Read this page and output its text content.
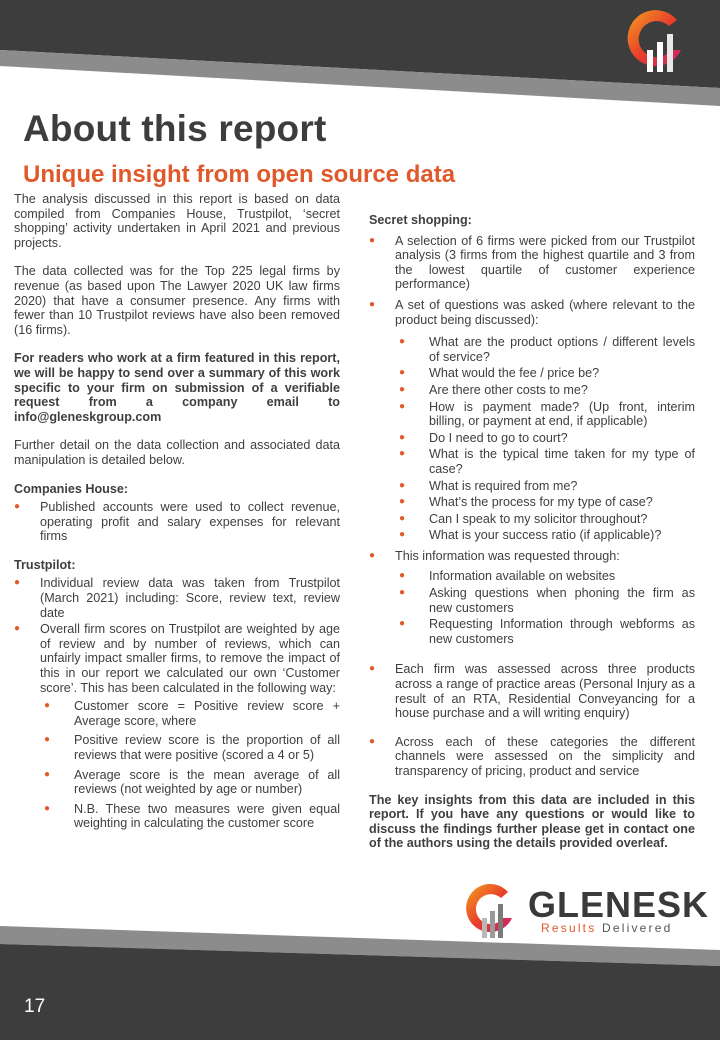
About this report
Unique insight from open source data

The analysis discussed in this report is based on data compiled from Companies House, Trustpilot, ‘secret shopping’ activity undertaken in April 2021 and previous projects.

The data collected was for the Top 225 legal firms by revenue (as based upon The Lawyer 2020 UK law firms 2020) that have a consumer presence. Any firms with fewer than 10 Trustpilot reviews have also been removed (16 firms).

For readers who work at a firm featured in this report, we will be happy to send over a summary of this work specific to your firm on submission of a verifiable request from a company email to info@gleneskgroup.com

Further detail on the data collection and associated data manipulation is detailed below.

Companies House:
● Published accounts were used to collect revenue, operating profit and salary expenses for relevant firms
Trustpilot:
● Individual review data was taken from Trustpilot (March 2021) including: Score, review text, review date
● Overall firm scores on Trustpilot are weighted by age of review and by number of reviews, which can unfairly impact smaller firms, to remove the impact of this in our report we calculated our own ‘Customer score’. This has been calculated in the following way:
● Customer score = Positive review score + Average score, where
● Positive review score is the proportion of all reviews that were positive (scored a 4 or 5)
● Average score is the mean average of all reviews (not weighted by age or number)
● N.B. These two measures were given equal weighting in calculating the customer score
Secret shopping:
● A selection of 6 firms were picked from our Trustpilot analysis (3 firms from the highest quartile and 3 from the lowest quartile of customer experience performance)
● A set of questions was asked (where relevant to the product being discussed):
● What are the product options / different levels of service?
● What would the fee / price be?
● Are there other costs to me?
● How is payment made? (Up front, interim billing, or payment at end, if applicable)
● Do I need to go to court?
● What is the typical time taken for my type of case?
● What is required from me?
● What’s the process for my type of case?
● Can I speak to my solicitor throughout?
● What is your success ratio (if applicable)?
● This information was requested through:
● Information available on websites
● Asking questions when phoning the firm as new customers
● Requesting Information through webforms as new customers
● Each firm was assessed across three products across a range of practice areas (Personal Injury as a result of an RTA, Residential Conveyancing for a house purchase and a will writing enquiry)
● Across each of these categories the different channels were assessed on the simplicity and transparency of pricing, product and service

The key insights from this data are included in this report. If you have any questions or would like to discuss the findings further please get in contact one of the authors using the details provided overleaf.

GLENESK
Results Delivered
17
